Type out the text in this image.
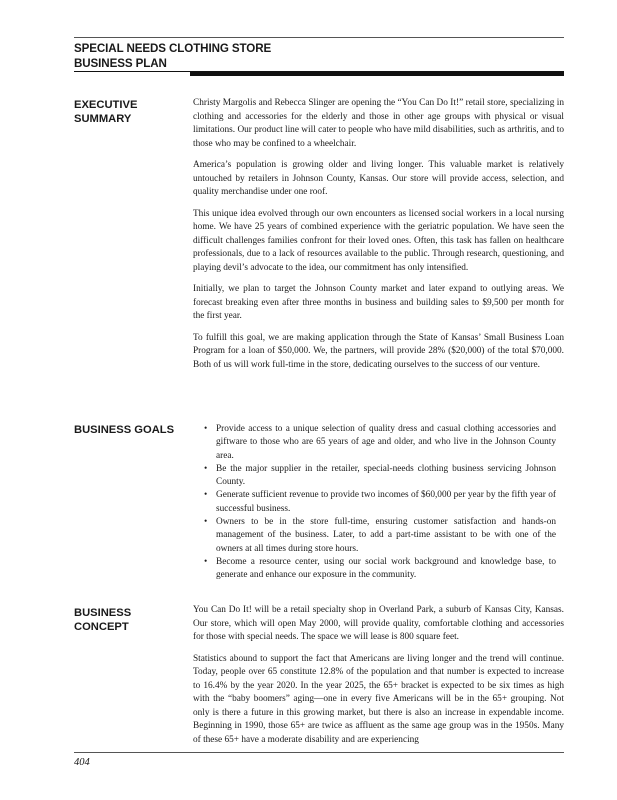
SPECIAL NEEDS CLOTHING STORE
BUSINESS PLAN
EXECUTIVE
SUMMARY

Christy Margolis and Rebecca Slinger are opening the “You Can Do It!” retail store, specializing in clothing and accessories for the elderly and those in other age groups with physical or visual limitations. Our product line will cater to people who have mild disabilities, such as arthritis, and to those who may be confined to a wheelchair.

America’s population is growing older and living longer. This valuable market is relatively untouched by retailers in Johnson County, Kansas. Our store will provide access, selection, and quality merchandise under one roof.

This unique idea evolved through our own encounters as licensed social workers in a local nursing home. We have 25 years of combined experience with the geriatric population. We have seen the difficult challenges families confront for their loved ones. Often, this task has fallen on healthcare professionals, due to a lack of resources available to the public. Through research, questioning, and playing devil’s advocate to the idea, our commitment has only intensified.

Initially, we plan to target the Johnson County market and later expand to outlying areas. We forecast breaking even after three months in business and building sales to $9,500 per month for the first year.

To fulfill this goal, we are making application through the State of Kansas’ Small Business Loan Program for a loan of $50,000. We, the partners, will provide 28% ($20,000) of the total $70,000. Both of us will work full-time in the store, dedicating ourselves to the success of our venture.

BUSINESS GOALS
•	Provide access to a unique selection of quality dress and casual clothing accessories and giftware to those who are 65 years of age and older, and who live in the Johnson County area.
• Be the major supplier in the retailer, special-needs clothing business servicing Johnson County.
• Generate sufficient revenue to provide two incomes of $60,000 per year by the fifth year of successful business.
• Owners to be in the store full-time, ensuring customer satisfaction and hands-on management of the business. Later, to add a part-time assistant to be with one of the owners at all times during store hours.
• Become a resource center, using our social work background and knowledge base, to generate and enhance our exposure in the community.
BUSINESS
CONCEPT

You Can Do It! will be a retail specialty shop in Overland Park, a suburb of Kansas City, Kansas. Our store, which will open May 2000, will provide quality, comfortable clothing and accessories for those with special needs. The space we will lease is 800 square feet.

Statistics abound to support the fact that Americans are living longer and the trend will continue. Today, people over 65 constitute 12.8% of the population and that number is expected to increase to 16.4% by the year 2020. In the year 2025, the 65+ bracket is expected to be six times as high with the “baby boomers” aging—one in every five Americans will be in the 65+ grouping. Not only is there a future in this growing market, but there is also an increase in expendable income. Beginning in 1990, those 65+ are twice as affluent as the same age group was in the 1950s. Many of these 65+ have a moderate disability and are experiencing

404
